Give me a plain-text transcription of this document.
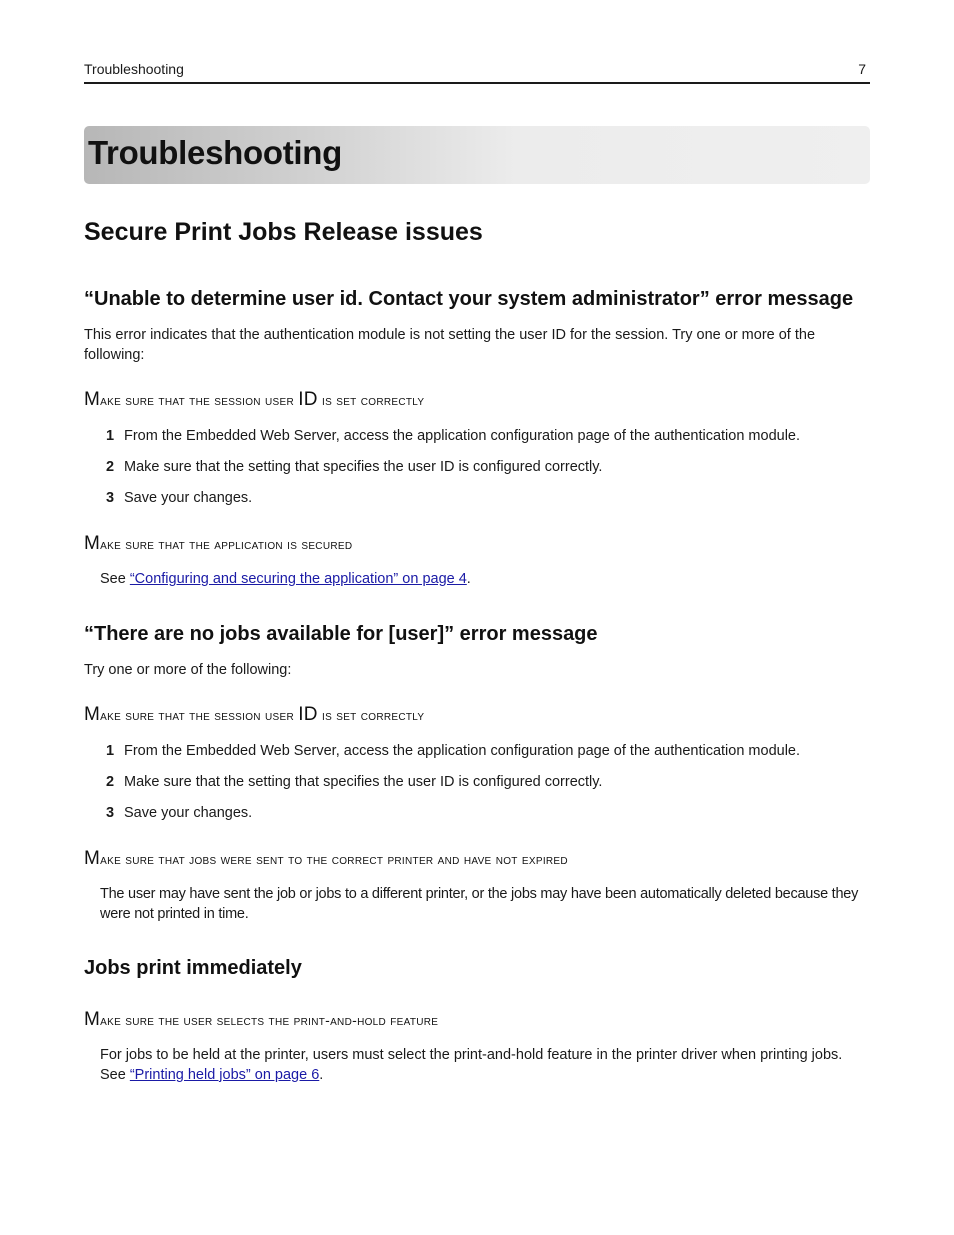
Troubleshooting	7
Troubleshooting
Secure Print Jobs Release issues
“Unable to determine user id. Contact your system administrator” error message

This error indicates that the authentication module is not setting the user ID for the session. Try one or more of the following:

Make sure that the session user ID is set correctly
1 From the Embedded Web Server, access the application configuration page of the authentication module.
2 Make sure that the setting that specifies the user ID is configured correctly.
3 Save your changes.
Make sure that the application is secured

See “Configuring and securing the application” on page 4.

“There are no jobs available for [user]” error message

Try one or more of the following:

Make sure that the session user ID is set correctly
1 From the Embedded Web Server, access the application configuration page of the authentication module.
2 Make sure that the setting that specifies the user ID is configured correctly.
3 Save your changes.
Make sure that jobs were sent to the correct printer and have not expired

The user may have sent the job or jobs to a different printer, or the jobs may have been automatically deleted because they were not printed in time.

Jobs print immediately
Make sure the user selects the print-and-hold feature

For jobs to be held at the printer, users must select the print-and-hold feature in the printer driver when printing jobs. See “Printing held jobs” on page 6.
